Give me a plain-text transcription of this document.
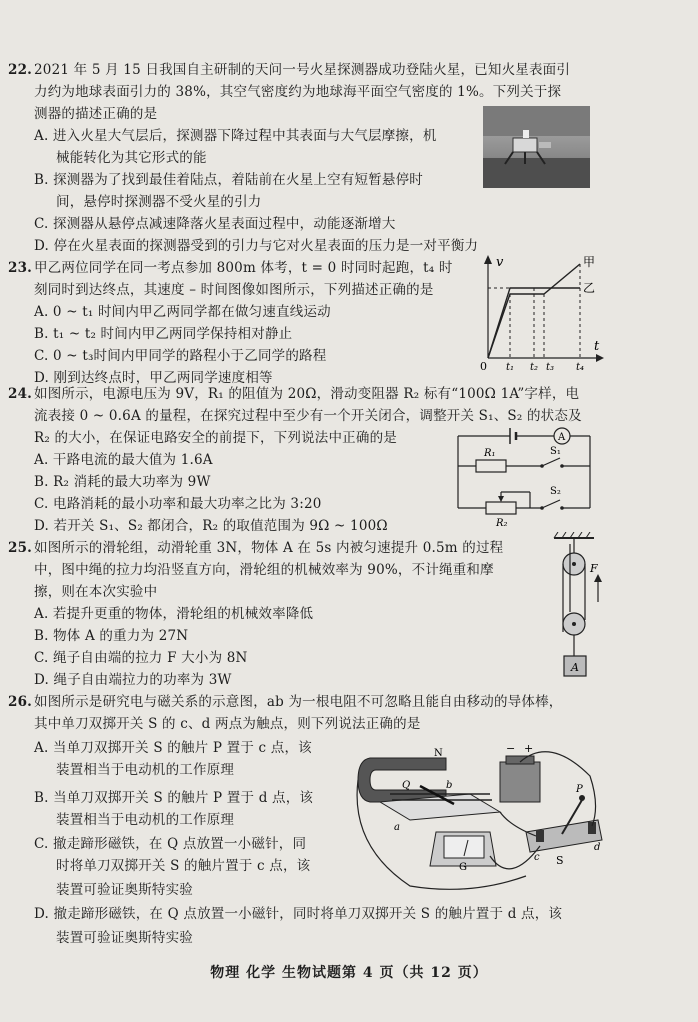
22. 2021 年 5 月 15 日我国自主研制的天问一号火星探测器成功登陆火星，已知火星表面引
力约为地球表面引力的 38%，其空气密度约为地球海平面空气密度的 1%。下列关于探
测器的描述正确的是
A. 进入火星大气层后，探测器下降过程中其表面与大气层摩擦，机
械能转化为其它形式的能
B. 探测器为了找到最佳着陆点，着陆前在火星上空有短暂悬停时
间，悬停时探测器不受火星的引力
C. 探测器从悬停点减速降落火星表面过程中，动能逐渐增大
D. 停在火星表面的探测器受到的引力与它对火星表面的压力是一对平衡力
23. 甲乙两位同学在同一考点参加 800m 体考，t = 0 时同时起跑，t₄ 时
刻同时到达终点，其速度 – 时间图像如图所示，下列描述正确的是
A. 0 ~ t₁ 时间内甲乙两同学都在做匀速直线运动
B. t₁ ~ t₂ 时间内甲乙两同学保持相对静止
C. 0 ~ t₃时间内甲同学的路程小于乙同学的路程
D. 刚到达终点时，甲乙两同学速度相等
v
t
0 t₁ t₂ t₃ t₄
甲
乙
24. 如图所示，电源电压为 9V，R₁ 的阻值为 20Ω，滑动变阻器 R₂ 标有“100Ω 1A”字样，电
流表接 0 ~ 0.6A 的量程，在探究过程中至少有一个开关闭合，调整开关 S₁、S₂ 的状态及
R₂ 的大小，在保证电路安全的前提下，下列说法中正确的是
A. 干路电流的最大值为 1.6A
B. R₂ 消耗的最大功率为 9W
C. 电路消耗的最小功率和最大功率之比为 3:20
D. 若开关 S₁、S₂ 都闭合，R₂ 的取值范围为 9Ω ~ 100Ω
A
R₁	S₁
R₂
S₂
25. 如图所示的滑轮组，动滑轮重 3N，物体 A 在 5s 内被匀速提升 0.5m 的过程
中，图中绳的拉力均沿竖直方向，滑轮组的机械效率为 90%，不计绳重和摩
擦，则在本次实验中
A. 若提升更重的物体，滑轮组的机械效率降低
B. 物体 A 的重力为 27N
C. 绳子自由端的拉力 F 大小为 8N
D. 绳子自由端拉力的功率为 3W
A
F
26. 如图所示是研究电与磁关系的示意图，ab 为一根电阻不可忽略且能自由移动的导体棒，
其中单刀双掷开关 S 的 c、d 两点为触点，则下列说法正确的是
A. 当单刀双掷开关 S 的触片 P 置于 c 点，该
装置相当于电动机的工作原理
B. 当单刀双掷开关 S 的触片 P 置于 d 点，该
装置相当于电动机的工作原理
C. 撤走蹄形磁铁，在 Q 点放置一小磁针，同
时将单刀双掷开关 S 的触片置于 c 点，该
装置可验证奥斯特实验
D. 撤走蹄形磁铁，在 Q 点放置一小磁针，同时将单刀双掷开关 S 的触片置于 d 点，该
装置可验证奥斯特实验
N
Q
a
b
− +
P
c
d
S
G
物理 化学 生物试题第 4 页（共 12 页）
